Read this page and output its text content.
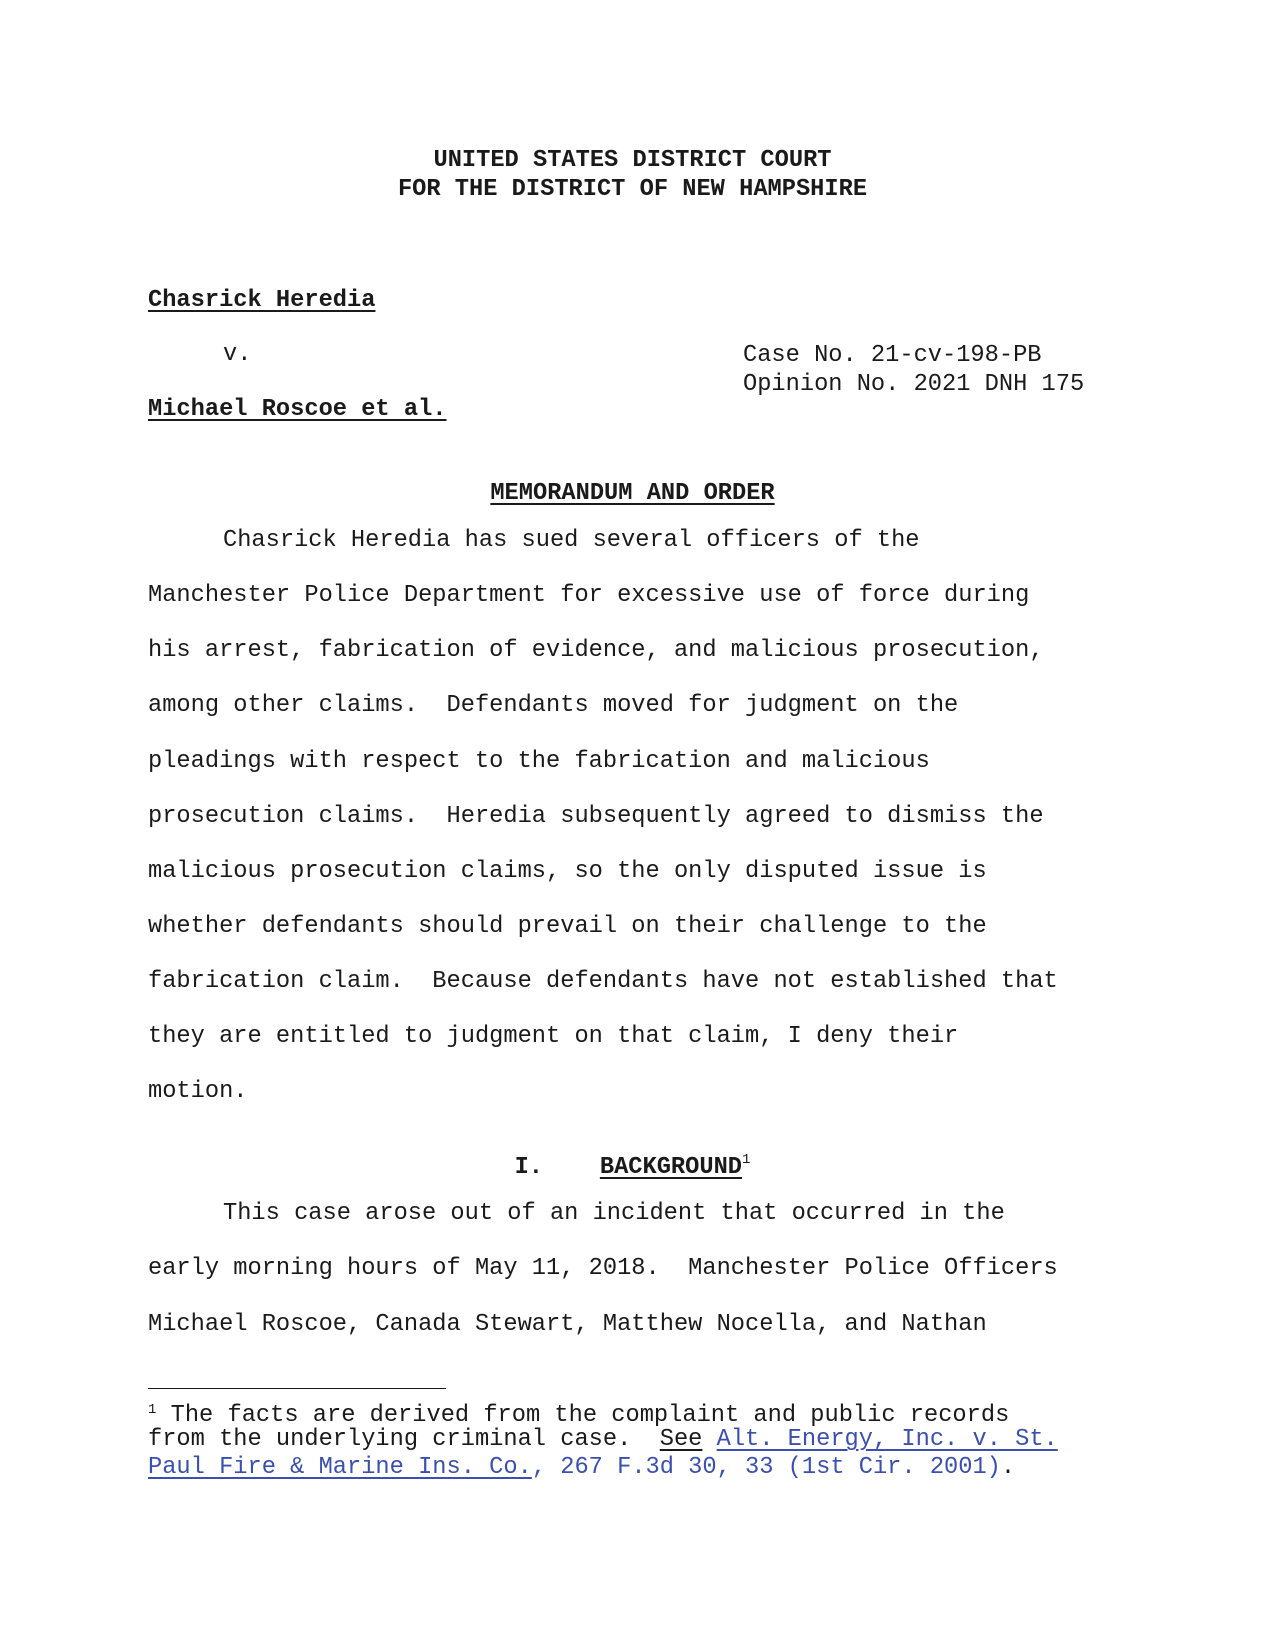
UNITED STATES DISTRICT COURT
FOR THE DISTRICT OF NEW HAMPSHIRE
Chasrick Heredia
v.	Case No. 21-cv-198-PB
Opinion No. 2021 DNH 175
Michael Roscoe et al.
MEMORANDUM AND ORDER
Chasrick Heredia has sued several officers of the
Manchester Police Department for excessive use of force during
his arrest, fabrication of evidence, and malicious prosecution,
among other claims.  Defendants moved for judgment on the
pleadings with respect to the fabrication and malicious
prosecution claims.  Heredia subsequently agreed to dismiss the
malicious prosecution claims, so the only disputed issue is
whether defendants should prevail on their challenge to the
fabrication claim.  Because defendants have not established that
they are entitled to judgment on that claim, I deny their
motion.
I. BACKGROUND$^1$
This case arose out of an incident that occurred in the
early morning hours of May 11, 2018.  Manchester Police Officers
Michael Roscoe, Canada Stewart, Matthew Nocella, and Nathan
$^1$ The facts are derived from the complaint and public records
from the underlying criminal case.  See Alt. Energy, Inc. v. St.
Paul Fire & Marine Ins. Co., 267 F.3d 30, 33 (1st Cir. 2001).
